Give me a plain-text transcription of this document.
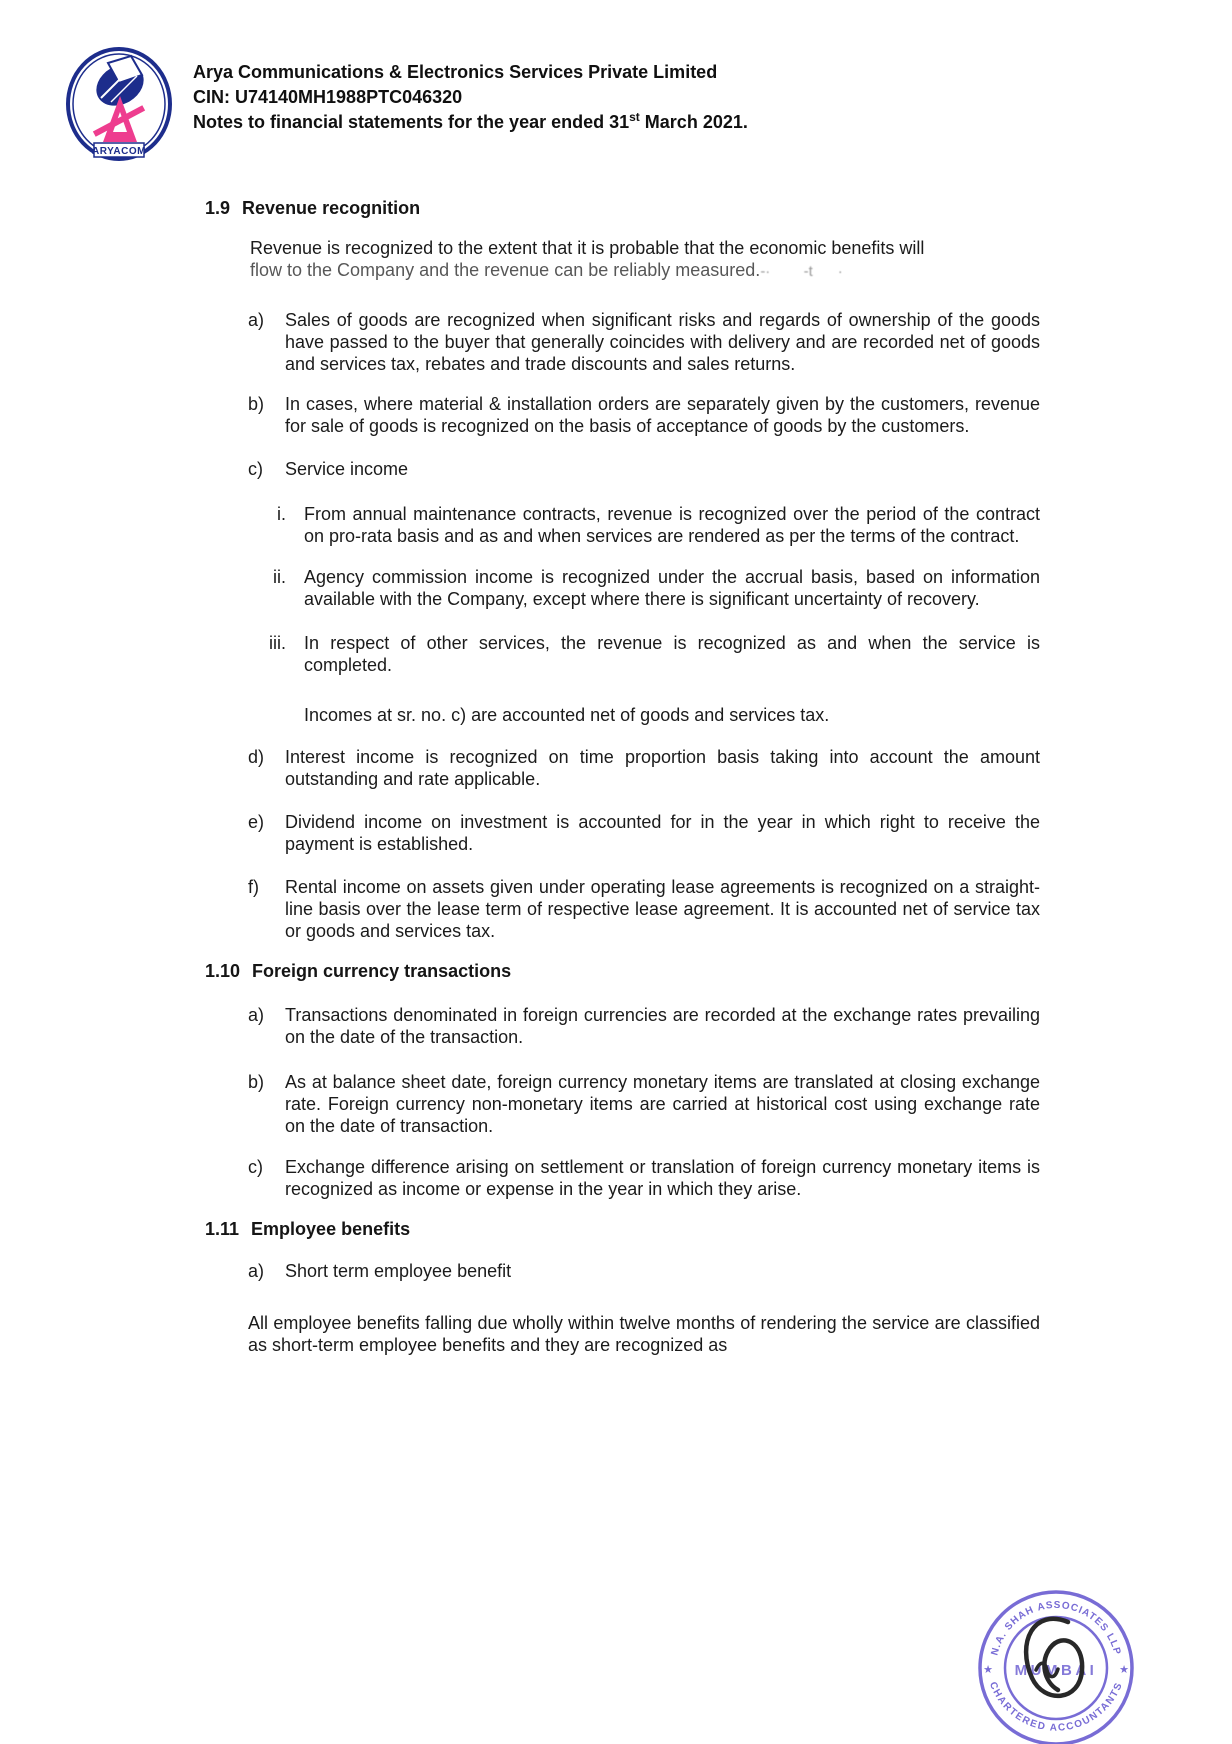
ARYACOM
Arya Communications & Electronics Services Private Limited
CIN: U74140MH1988PTC046320
Notes to financial statements for the year ended 31st March 2021.
1.9 Revenue recognition
Revenue is recognized to the extent that it is probable that the economic benefits will
flow to the Company and the revenue can be reliably measured.-·        -t      ·
a)	Sales of goods are recognized when significant risks and regards of ownership of the goods have passed to the buyer that generally coincides with delivery and are recorded net of goods and services tax, rebates and trade discounts and sales returns.
b)	In cases, where material & installation orders are separately given by the customers, revenue for sale of goods is recognized on the basis of acceptance of goods by the customers.
c)	Service income
i. From annual maintenance contracts, revenue is recognized over the period of the contract on pro-rata basis and as and when services are rendered as per the terms of the contract.
ii. Agency commission income is recognized under the accrual basis, based on information available with the Company, except where there is significant uncertainty of recovery.
iii. In respect of other services, the revenue is recognized as and when the service is completed.
Incomes at sr. no. c) are accounted net of goods and services tax.
d)	Interest income is recognized on time proportion basis taking into account the amount outstanding and rate applicable.
e)	Dividend income on investment is accounted for in the year in which right to receive the payment is established.
f)	Rental income on assets given under operating lease agreements is recognized on a straight-line basis over the lease term of respective lease agreement. It is accounted net of service tax or goods and services tax.
1.10 Foreign currency transactions
a)	Transactions denominated in foreign currencies are recorded at the exchange rates prevailing on the date of the transaction.
b)	As at balance sheet date, foreign currency monetary items are translated at closing exchange rate. Foreign currency non-monetary items are carried at historical cost using exchange rate on the date of transaction.
c)	Exchange difference arising on settlement or translation of foreign currency monetary items is recognized as income or expense in the year in which they arise.
1.11 Employee benefits
a)	Short term employee benefit
All employee benefits falling due wholly within twelve months of rendering the service are classified as short-term employee benefits and they are recognized as
N.A. SHAH ASSOCIATES LLP
CHARTERED ACCOUNTANTS
★	★
MUMBAI
